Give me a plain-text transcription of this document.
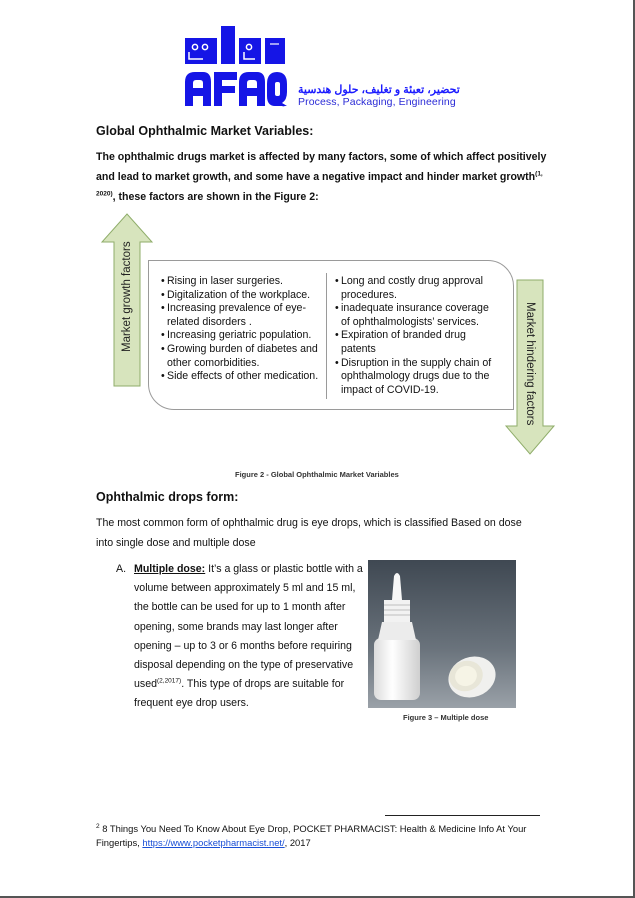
®
تحضير، تعبئة و تغليف، حلول هندسية
Process, Packaging, Engineering
Global Ophthalmic Market Variables:
The ophthalmic drugs market is affected by many factors, some of which affect positively and lead to market growth, and some have a negative impact and hinder market growth$^{(1, 2020)}$, these factors are shown in the Figure 2:
Market growth factors	• Rising in laser surgeries.
• Digitalization of the workplace.
• Increasing prevalence of eye-related disorders .
• Increasing geriatric population.
• Growing burden of diabetes and other comorbidities.
• Side effects of other medication.
• Long and costly drug approval procedures.
• inadequate insurance coverage of ophthalmologists’ services.
• Expiration of branded drug patents
• Disruption in the supply chain of ophthalmology drugs due to the impact of COVID-19.	Market hindering factors
Figure 2 - Global Ophthalmic Market Variables
Ophthalmic drops form:
The most common form of ophthalmic drug is eye drops, which is classified Based on dose into single dose and multiple dose
A. Multiple dose: It’s a glass or plastic bottle with a volume between approximately 5 ml and 15 ml, the bottle can be used for up to 1 month after opening, some brands may last longer after opening – up to 3 or 6 months before requiring disposal depending on the type of preservative used$^{(2,2017)}$. This type of drops are suitable for frequent eye drop users.
Figure 3 – Multiple dose
$^2$ 8 Things You Need To Know About Eye Drop, POCKET PHARMACIST: Health & Medicine Info At Your Fingertips, https://www.pocketpharmacist.net/, 2017
